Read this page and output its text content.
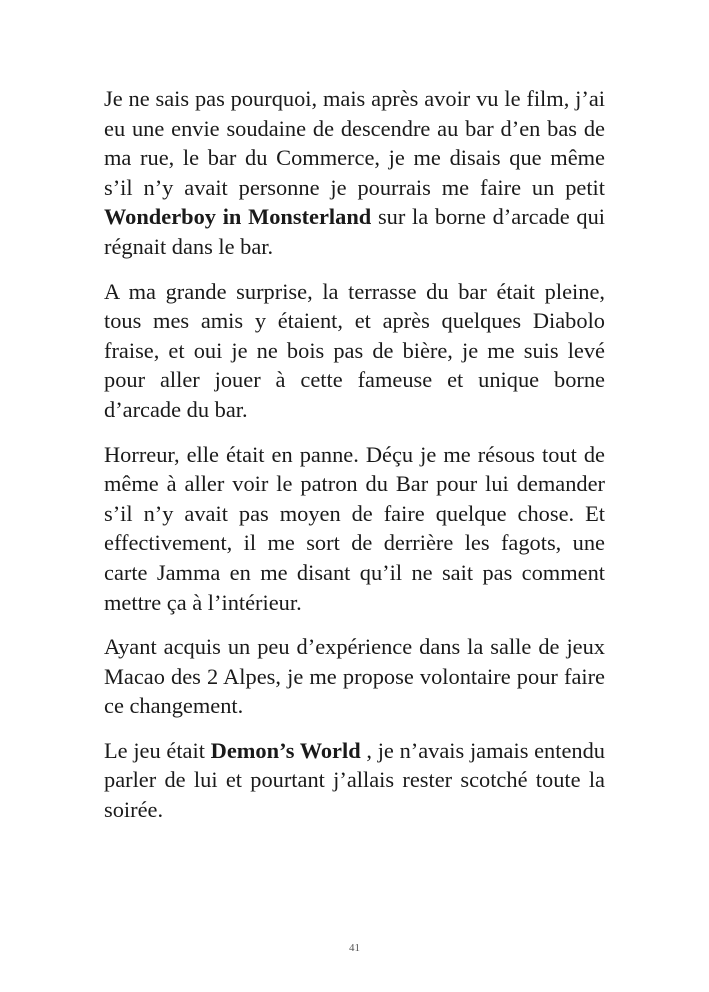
Je ne sais pas pourquoi, mais après avoir vu le film, j’ai eu une envie soudaine de descendre au bar d’en bas de ma rue, le bar du Commerce, je me disais que même s’il n’y avait personne je pourrais me faire un petit Wonderboy in Monsterland sur la borne d’arcade qui régnait dans le bar.

A ma grande surprise, la terrasse du bar était pleine, tous mes amis y étaient, et après quelques Diabolo fraise, et oui je ne bois pas de bière, je me suis levé pour aller jouer à cette fameuse et unique borne d’arcade du bar.

Horreur, elle était en panne. Déçu je me résous tout de même à aller voir le patron du Bar pour lui demander s’il n’y avait pas moyen de faire quelque chose. Et effectivement, il me sort de derrière les fagots, une carte Jamma en me disant qu’il ne sait pas comment mettre ça à l’intérieur.

Ayant acquis un peu d’expérience dans la salle de jeux Macao des 2 Alpes, je me propose volontaire pour faire ce changement.

Le jeu était Demon’s World , je n’avais jamais entendu parler de lui et pourtant j’allais rester scotché toute la soirée.

41
